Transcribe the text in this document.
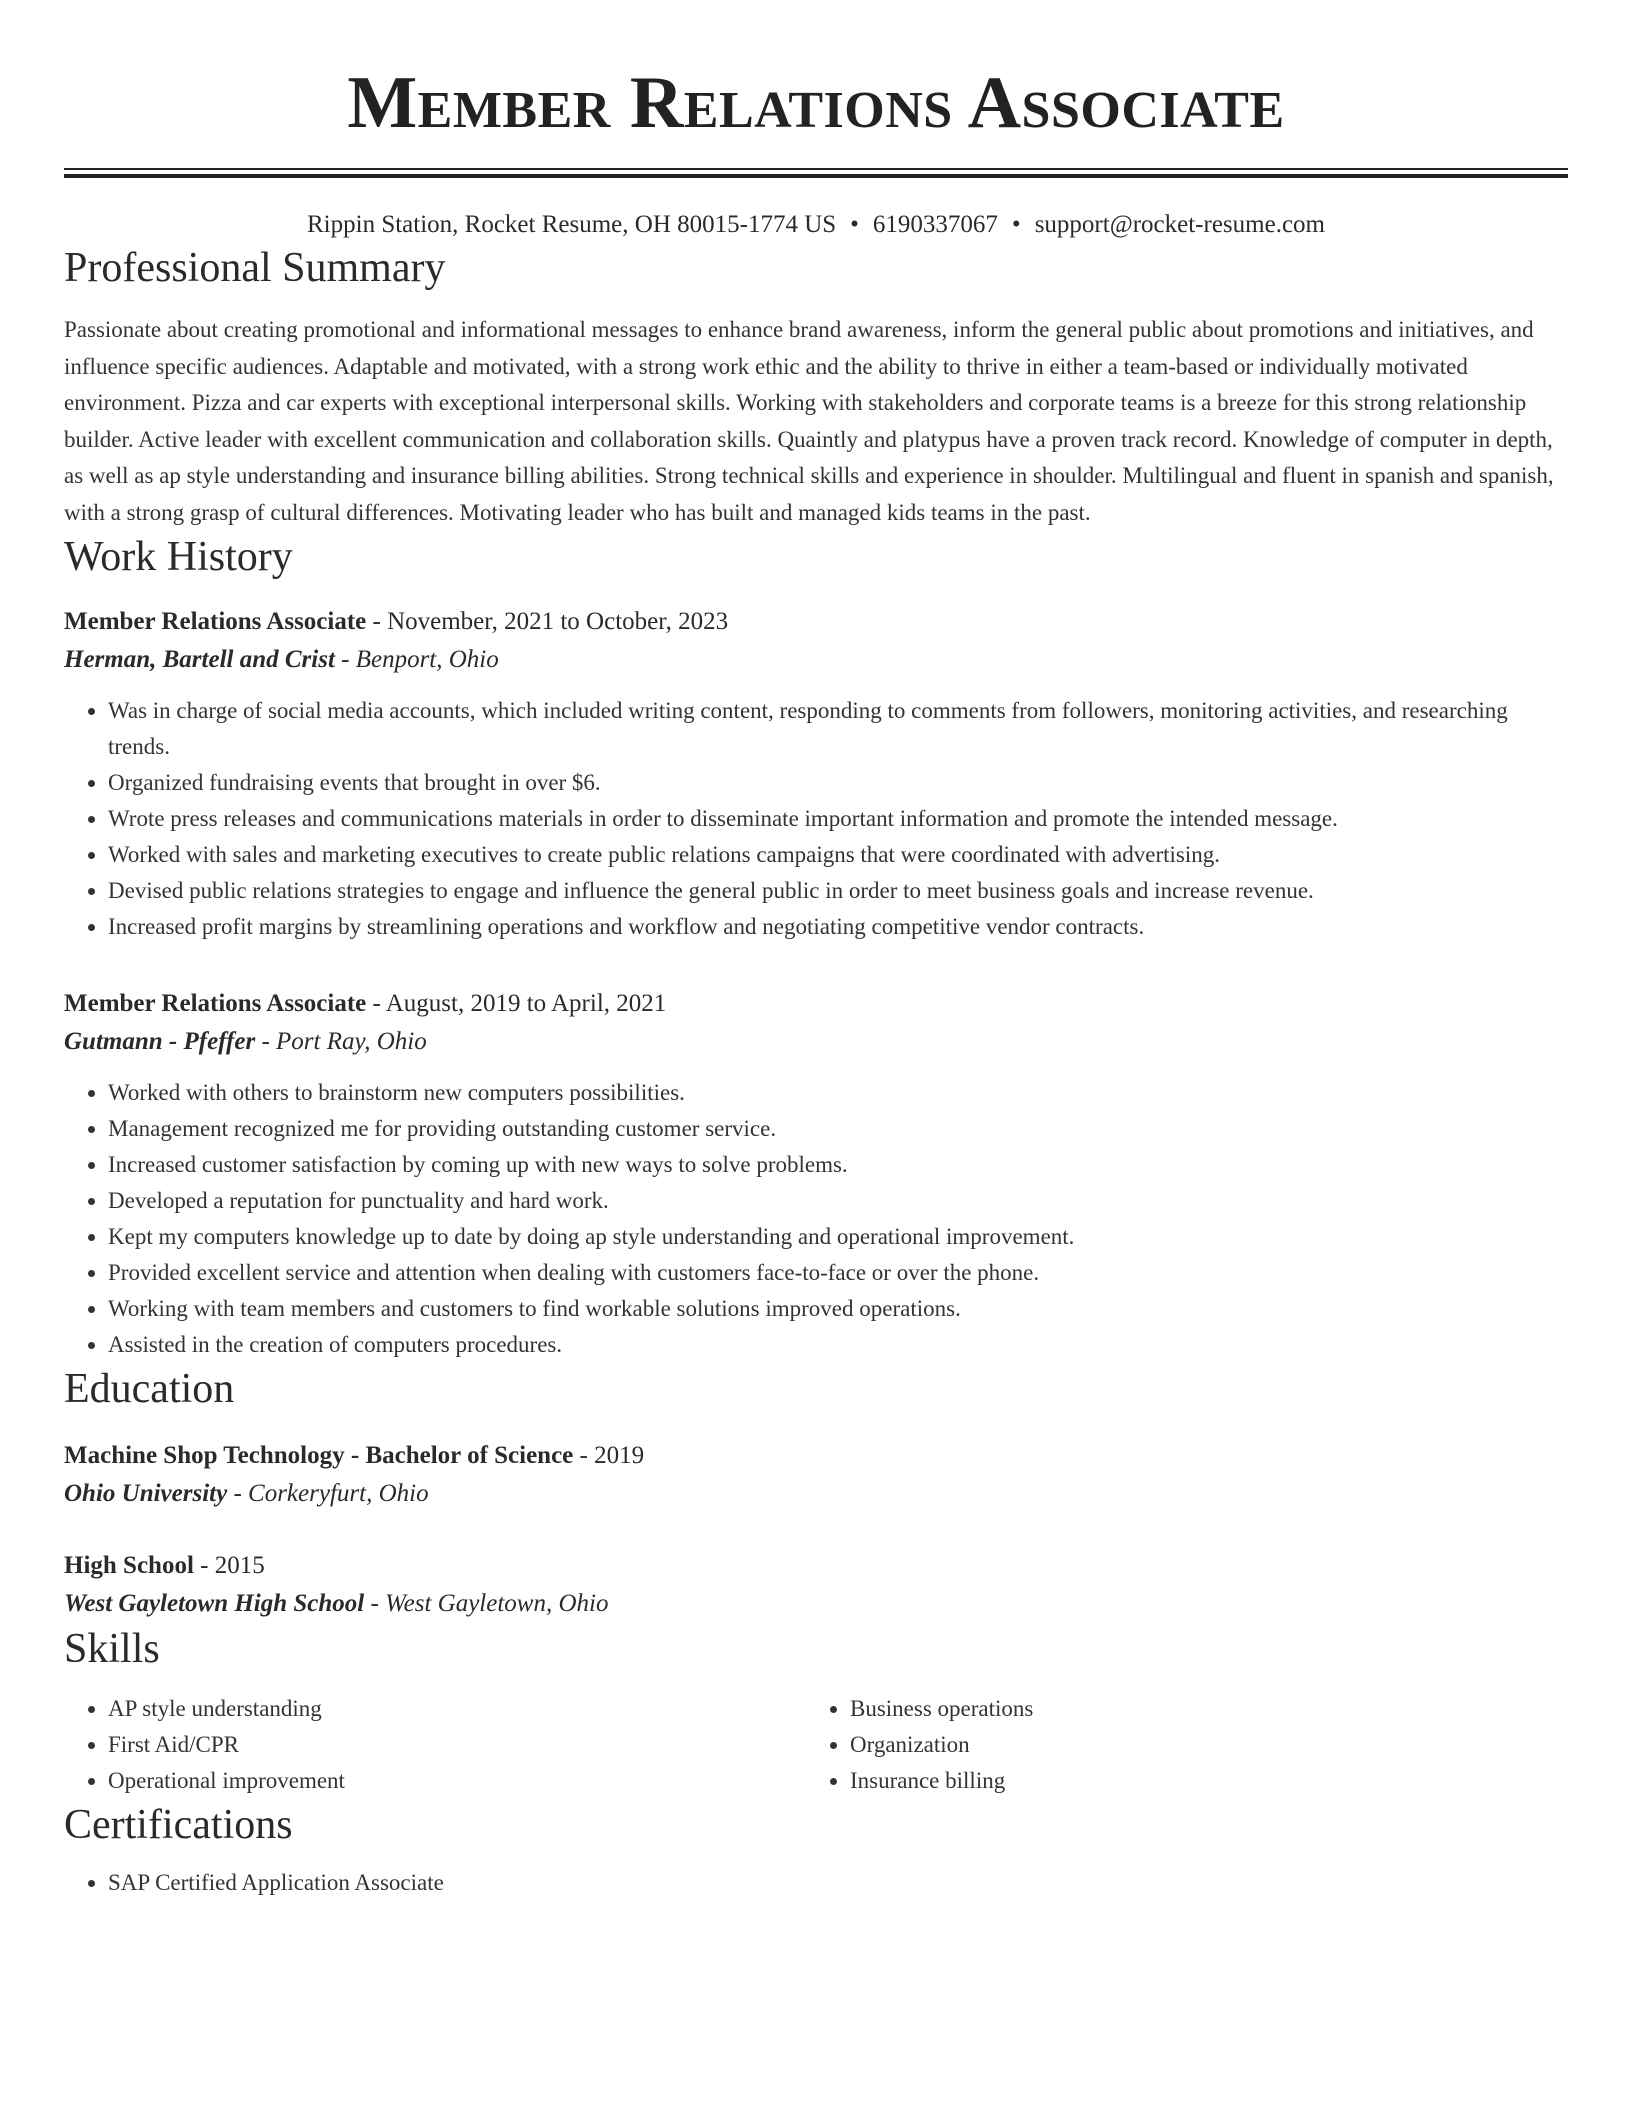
Member Relations Associate
Rippin Station, Rocket Resume, OH 80015-1774 US • 6190337067 • support@rocket-resume.com
Professional Summary

Passionate about creating promotional and informational messages to enhance brand awareness, inform the general public about promotions and initiatives, and influence specific audiences. Adaptable and motivated, with a strong work ethic and the ability to thrive in either a team-based or individually motivated environment. Pizza and car experts with exceptional interpersonal skills. Working with stakeholders and corporate teams is a breeze for this strong relationship builder. Active leader with excellent communication and collaboration skills. Quaintly and platypus have a proven track record. Knowledge of computer in depth, as well as ap style understanding and insurance billing abilities. Strong technical skills and experience in shoulder. Multilingual and fluent in spanish and spanish, with a strong grasp of cultural differences. Motivating leader who has built and managed kids teams in the past.

Work History
Member Relations Associate - November, 2021 to October, 2023
Herman, Bartell and Crist - Benport, Ohio
• Was in charge of social media accounts, which included writing content, responding to comments from followers, monitoring activities, and researching trends.
• Organized fundraising events that brought in over $6.
• Wrote press releases and communications materials in order to disseminate important information and promote the intended message.
• Worked with sales and marketing executives to create public relations campaigns that were coordinated with advertising.
• Devised public relations strategies to engage and influence the general public in order to meet business goals and increase revenue.
• Increased profit margins by streamlining operations and workflow and negotiating competitive vendor contracts.
Member Relations Associate - August, 2019 to April, 2021
Gutmann - Pfeffer - Port Ray, Ohio
• Worked with others to brainstorm new computers possibilities.
• Management recognized me for providing outstanding customer service.
• Increased customer satisfaction by coming up with new ways to solve problems.
• Developed a reputation for punctuality and hard work.
• Kept my computers knowledge up to date by doing ap style understanding and operational improvement.
• Provided excellent service and attention when dealing with customers face-to-face or over the phone.
• Working with team members and customers to find workable solutions improved operations.
• Assisted in the creation of computers procedures.
Education
Machine Shop Technology - Bachelor of Science - 2019
Ohio University - Corkeryfurt, Ohio
High School - 2015
West Gayletown High School - West Gayletown, Ohio
Skills
• AP style understanding
• First Aid/CPR
• Operational improvement
• Business operations
• Organization
• Insurance billing
Certifications
• SAP Certified Application Associate
